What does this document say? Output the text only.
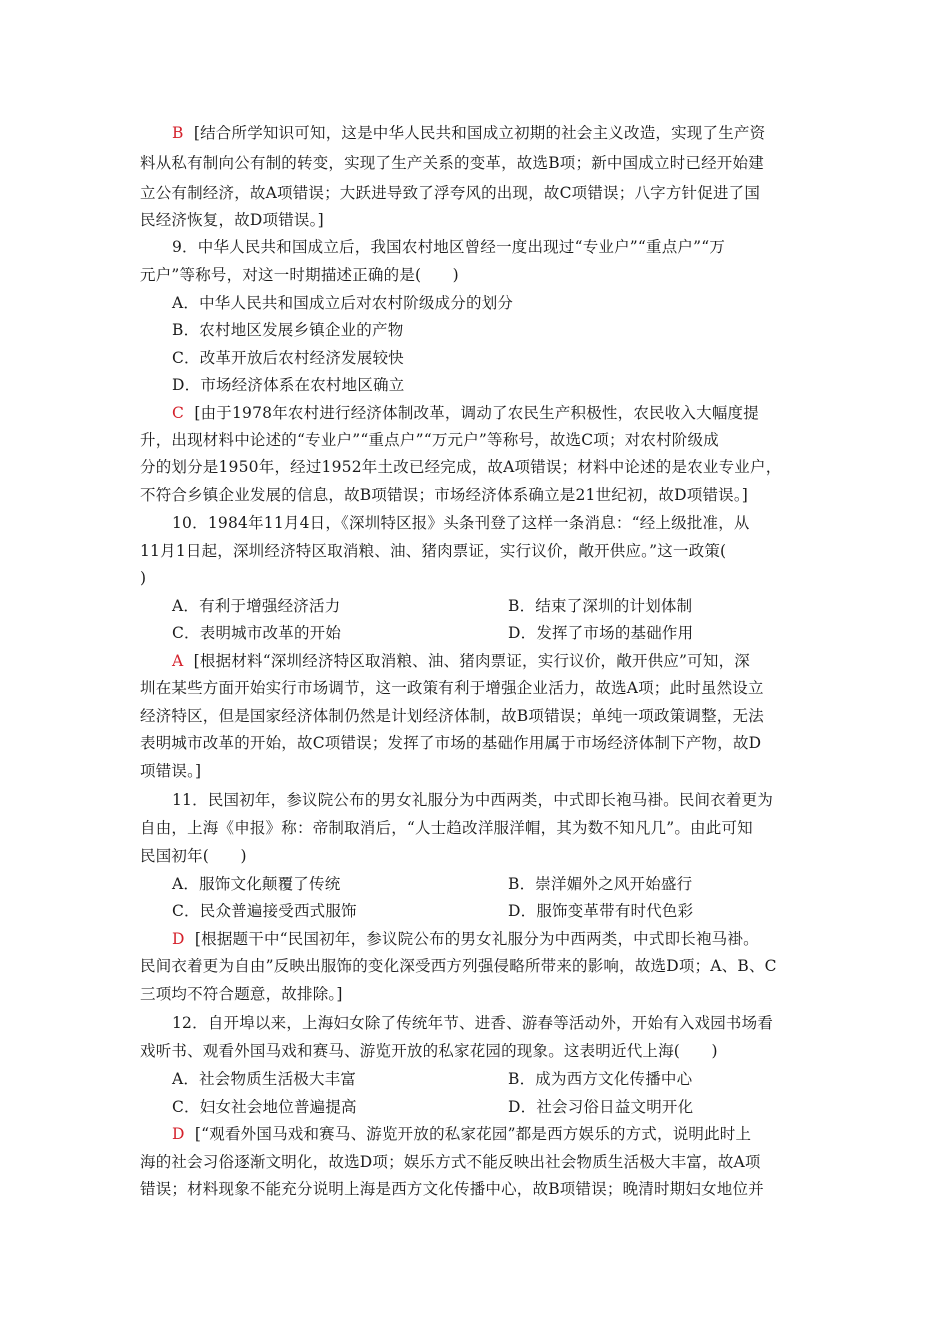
B [结合所学知识可知，这是中华人民共和国成立初期的社会主义改造，实现了生产资
料从私有制向公有制的转变，实现了生产关系的变革，故选B项；新中国成立时已经开始建
立公有制经济，故A项错误；大跃进导致了浮夸风的出现，故C项错误；八字方针促进了国
民经济恢复，故D项错误。]
9．中华人民共和国成立后，我国农村地区曾经一度出现过“专业户”“重点户”“万
元户”等称号，对这一时期描述正确的是(　　)
A．中华人民共和国成立后对农村阶级成分的划分
B．农村地区发展乡镇企业的产物
C．改革开放后农村经济发展较快
D．市场经济体系在农村地区确立
C [由于1978年农村进行经济体制改革，调动了农民生产积极性，农民收入大幅度提
升，出现材料中论述的“专业户”“重点户”“万元户”等称号，故选C项；对农村阶级成
分的划分是1950年，经过1952年土改已经完成，故A项错误；材料中论述的是农业专业户，
不符合乡镇企业发展的信息，故B项错误；市场经济体系确立是21世纪初，故D项错误。]
10．1984年11月4日，《深圳特区报》头条刊登了这样一条消息：“经上级批准，从
11月1日起，深圳经济特区取消粮、油、猪肉票证，实行议价，敞开供应。”这一政策(
)
A．有利于增强经济活力	B．结束了深圳的计划体制
C．表明城市改革的开始	D．发挥了市场的基础作用
A [根据材料“深圳经济特区取消粮、油、猪肉票证，实行议价，敞开供应”可知，深
圳在某些方面开始实行市场调节，这一政策有利于增强企业活力，故选A项；此时虽然设立
经济特区，但是国家经济体制仍然是计划经济体制，故B项错误；单纯一项政策调整，无法
表明城市改革的开始，故C项错误；发挥了市场的基础作用属于市场经济体制下产物，故D
项错误。]
11．民国初年，参议院公布的男女礼服分为中西两类，中式即长袍马褂。民间衣着更为
自由，上海《申报》称：帝制取消后，“人士趋改洋服洋帽，其为数不知凡几”。由此可知
民国初年(　　)
A．服饰文化颠覆了传统	B．崇洋媚外之风开始盛行
C．民众普遍接受西式服饰	D．服饰变革带有时代色彩
D [根据题干中“民国初年，参议院公布的男女礼服分为中西两类，中式即长袍马褂。
民间衣着更为自由”反映出服饰的变化深受西方列强侵略所带来的影响，故选D项；A、B、C
三项均不符合题意，故排除。]
12．自开埠以来，上海妇女除了传统年节、进香、游春等活动外，开始有入戏园书场看
戏听书、观看外国马戏和赛马、游览开放的私家花园的现象。这表明近代上海(　　)
A．社会物质生活极大丰富	B．成为西方文化传播中心
C．妇女社会地位普遍提高	D．社会习俗日益文明开化
D [“观看外国马戏和赛马、游览开放的私家花园”都是西方娱乐的方式，说明此时上
海的社会习俗逐渐文明化，故选D项；娱乐方式不能反映出社会物质生活极大丰富，故A项
错误；材料现象不能充分说明上海是西方文化传播中心，故B项错误；晚清时期妇女地位并
